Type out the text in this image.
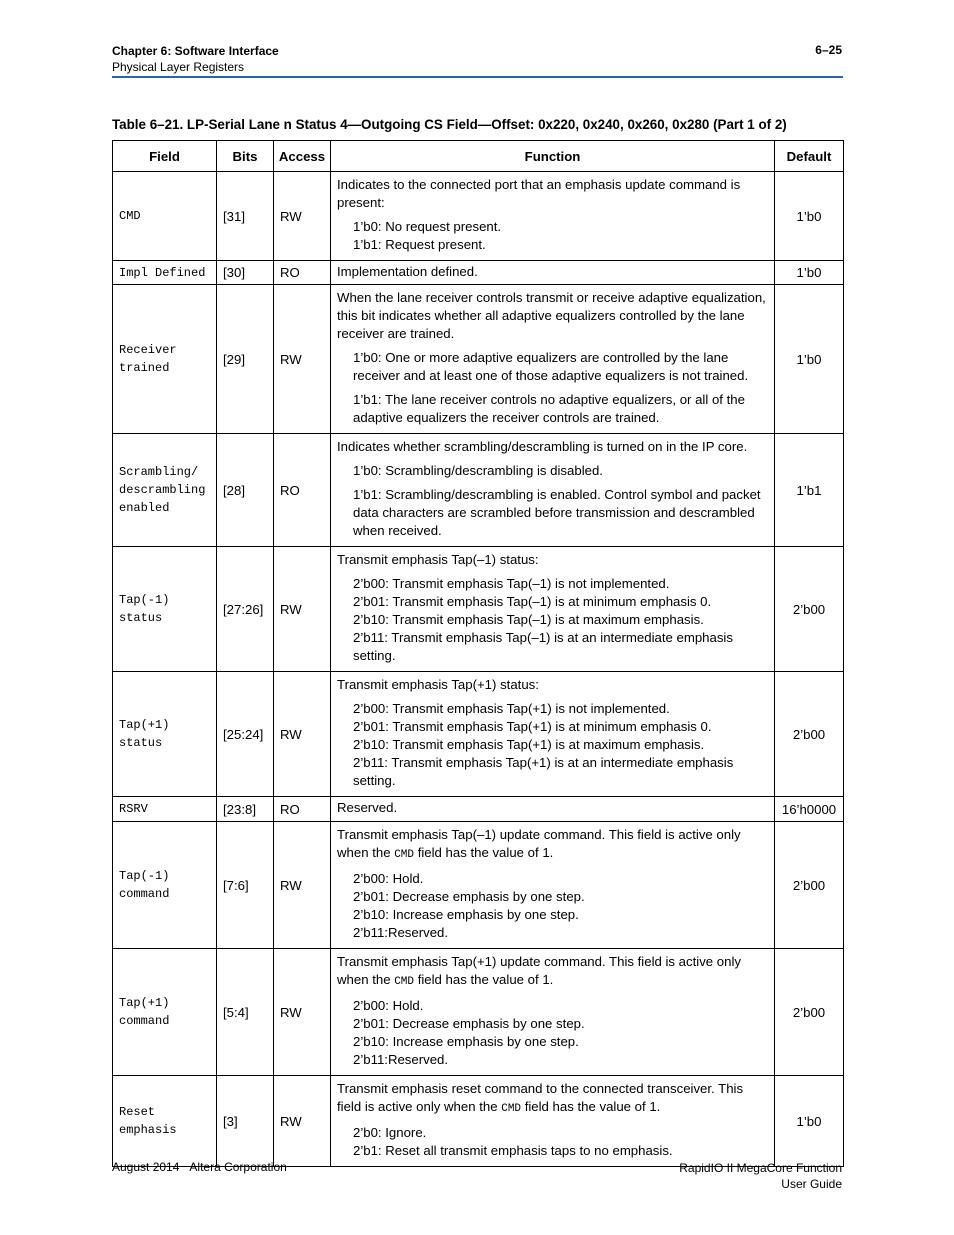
Chapter 6: Software Interface
Physical Layer Registers
6–25
Table 6–21. LP-Serial Lane n Status 4—Outgoing CS Field—Offset: 0x220, 0x240, 0x260, 0x280 (Part 1 of 2)
Field	Bits	Access	Function	Default
CMD	[31]	RW	Indicates to the connected port that an emphasis update command is present:

1’b0: No request present.

1’b1: Request present.	1’b0
Impl Defined	[30]	RO	Implementation defined.	1’b0
Receiver trained	[29]	RW	When the lane receiver controls transmit or receive adaptive equalization, this bit indicates whether all adaptive equalizers controlled by the lane receiver are trained.

1’b0: One or more adaptive equalizers are controlled by the lane receiver and at least one of those adaptive equalizers is not trained.

1’b1: The lane receiver controls no adaptive equalizers, or all of the adaptive equalizers the receiver controls are trained.	1’b0
Scrambling/ descrambling enabled	[28]	RO	Indicates whether scrambling/descrambling is turned on in the IP core.

1’b0: Scrambling/descrambling is disabled.

1’b1: Scrambling/descrambling is enabled. Control symbol and packet data characters are scrambled before transmission and descrambled when received.	1’b1
Tap(-1) status	[27:26]	RW	Transmit emphasis Tap(–1) status:

2’b00: Transmit emphasis Tap(–1) is not implemented.

2’b01: Transmit emphasis Tap(–1) is at minimum emphasis 0.

2’b10: Transmit emphasis Tap(–1) is at maximum emphasis.

2’b11: Transmit emphasis Tap(–1) is at an intermediate emphasis setting.	2’b00
Tap(+1) status	[25:24]	RW	Transmit emphasis Tap(+1) status:

2’b00: Transmit emphasis Tap(+1) is not implemented.

2’b01: Transmit emphasis Tap(+1) is at minimum emphasis 0.

2’b10: Transmit emphasis Tap(+1) is at maximum emphasis.

2’b11: Transmit emphasis Tap(+1) is at an intermediate emphasis setting.	2’b00
RSRV	[23:8]	RO	Reserved.	16’h0000
Tap(-1) command	[7:6]	RW	Transmit emphasis Tap(–1) update command. This field is active only when the CMD field has the value of 1.

2’b00: Hold.

2’b01: Decrease emphasis by one step.

2’b10: Increase emphasis by one step.

2’b11:Reserved.	2’b00
Tap(+1) command	[5:4]	RW	Transmit emphasis Tap(+1) update command. This field is active only when the CMD field has the value of 1.

2’b00: Hold.

2’b01: Decrease emphasis by one step.

2’b10: Increase emphasis by one step.

2’b11:Reserved.	2’b00
Reset emphasis	[3]	RW	Transmit emphasis reset command to the connected transceiver. This field is active only when the CMD field has the value of 1.

2’b0: Ignore.

2’b1: Reset all transmit emphasis taps to no emphasis.	1’b0
August 2014 Altera Corporation	RapidIO II MegaCore Function
User Guide
